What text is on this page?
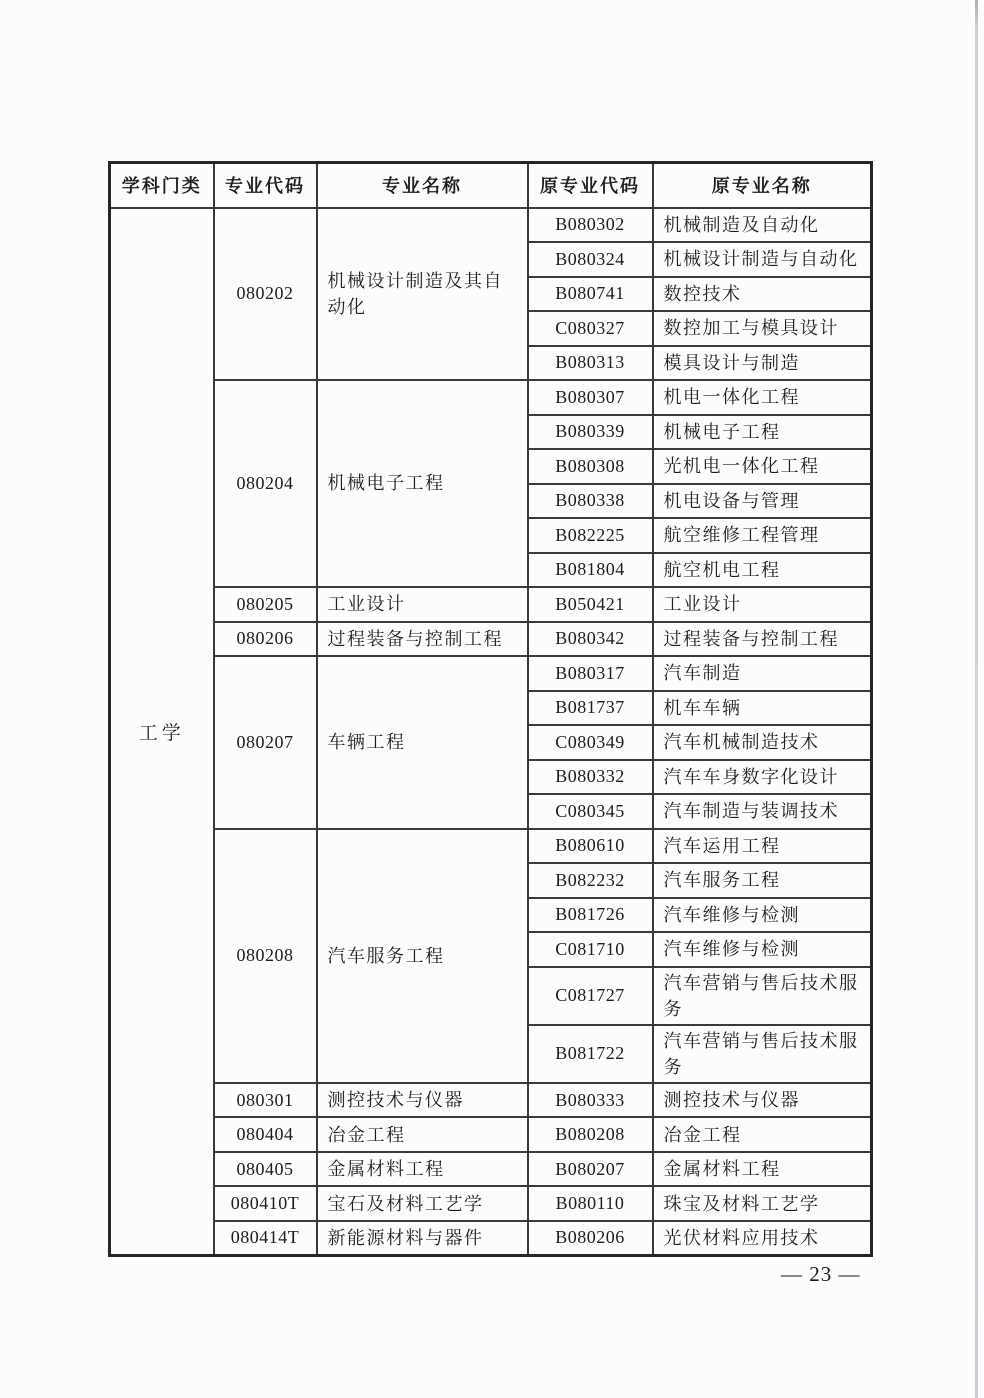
学科门类	专业代码	专业名称	原专业代码	原专业名称
工学	080202	机械设计制造及其自动化	B080302	机械制造及自动化
			B080324	机械设计制造与自动化
			B080741	数控技术
			C080327	数控加工与模具设计
			B080313	模具设计与制造
	080204	机械电子工程	B080307	机电一体化工程
			B080339	机械电子工程
			B080308	光机电一体化工程
			B080338	机电设备与管理
			B082225	航空维修工程管理
			B081804	航空机电工程
	080205	工业设计	B050421	工业设计
	080206	过程装备与控制工程	B080342	过程装备与控制工程
	080207	车辆工程	B080317	汽车制造
			B081737	机车车辆
			C080349	汽车机械制造技术
			B080332	汽车车身数字化设计
			C080345	汽车制造与装调技术
	080208	汽车服务工程	B080610	汽车运用工程
			B082232	汽车服务工程
			B081726	汽车维修与检测
			C081710	汽车维修与检测
			C081727	汽车营销与售后技术服务
			B081722	汽车营销与售后技术服务
	080301	测控技术与仪器	B080333	测控技术与仪器
	080404	冶金工程	B080208	冶金工程
	080405	金属材料工程	B080207	金属材料工程
	080410T	宝石及材料工艺学	B080110	珠宝及材料工艺学
	080414T	新能源材料与器件	B080206	光伏材料应用技术
— 23 —
